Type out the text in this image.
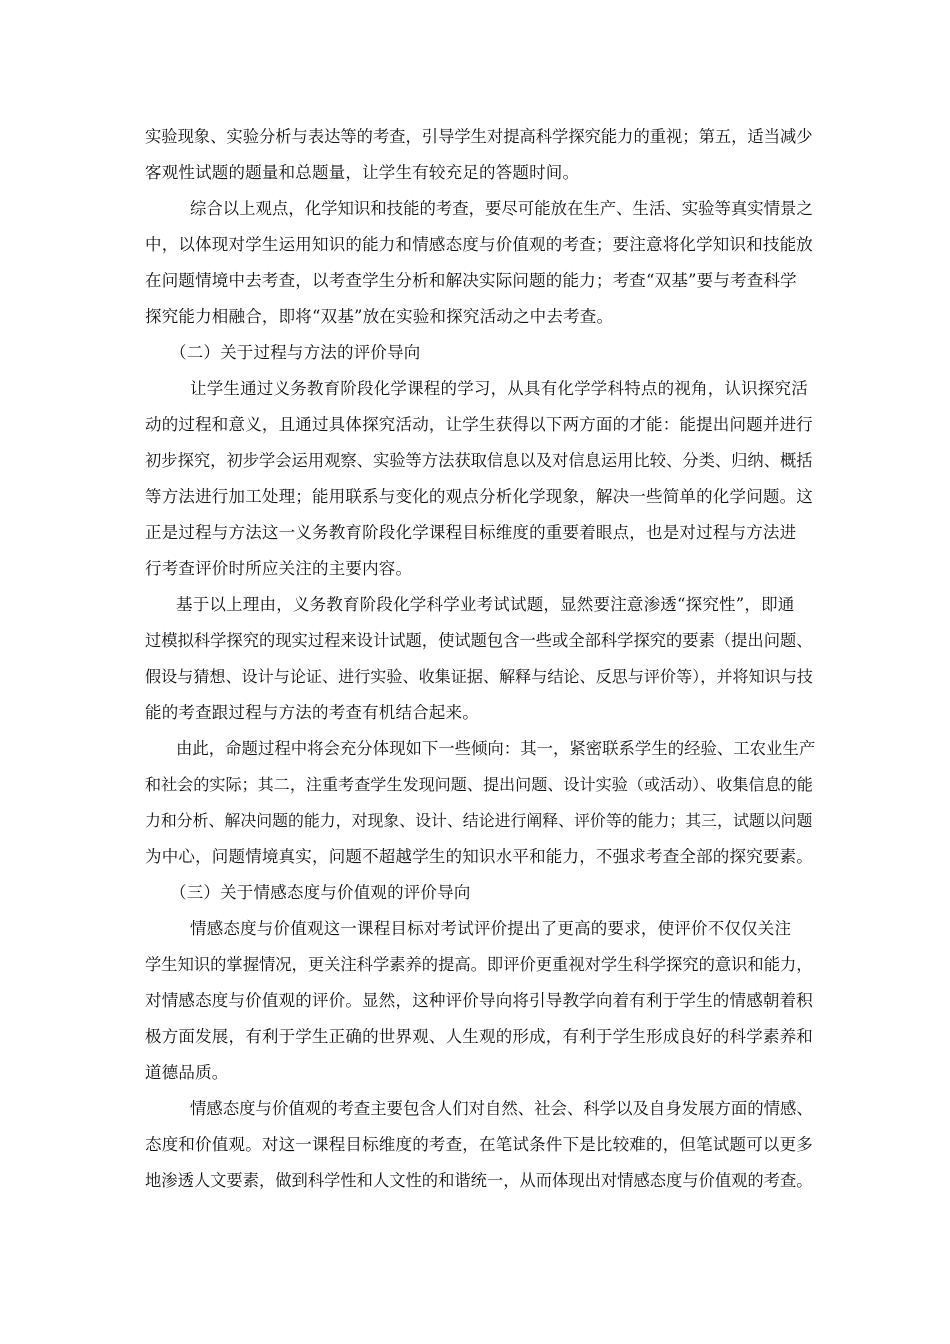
实验现象、实验分析与表达等的考查，引导学生对提高科学探究能力的重视；第五，适当减少
客观性试题的题量和总题量，让学生有较充足的答题时间。
综合以上观点，化学知识和技能的考查，要尽可能放在生产、生活、实验等真实情景之
中，以体现对学生运用知识的能力和情感态度与价值观的考查；要注意将化学知识和技能放
在问题情境中去考查，以考查学生分析和解决实际问题的能力；考查“双基”要与考查科学
探究能力相融合，即将“双基”放在实验和探究活动之中去考查。
（二）关于过程与方法的评价导向
让学生通过义务教育阶段化学课程的学习，从具有化学学科特点的视角，认识探究活
动的过程和意义，且通过具体探究活动，让学生获得以下两方面的才能：能提出问题并进行
初步探究，初步学会运用观察、实验等方法获取信息以及对信息运用比较、分类、归纳、概括
等方法进行加工处理；能用联系与变化的观点分析化学现象，解决一些简单的化学问题。这
正是过程与方法这一义务教育阶段化学课程目标维度的重要着眼点，也是对过程与方法进
行考查评价时所应关注的主要内容。
基于以上理由，义务教育阶段化学科学业考试试题，显然要注意渗透“探究性”，即通
过模拟科学探究的现实过程来设计试题，使试题包含一些或全部科学探究的要素（提出问题、
假设与猜想、设计与论证、进行实验、收集证据、解释与结论、反思与评价等），并将知识与技
能的考查跟过程与方法的考查有机结合起来。
由此，命题过程中将会充分体现如下一些倾向：其一，紧密联系学生的经验、工农业生产
和社会的实际；其二，注重考查学生发现问题、提出问题、设计实验（或活动）、收集信息的能
力和分析、解决问题的能力，对现象、设计、结论进行阐释、评价等的能力；其三，试题以问题
为中心，问题情境真实，问题不超越学生的知识水平和能力，不强求考查全部的探究要素。
（三）关于情感态度与价值观的评价导向
情感态度与价值观这一课程目标对考试评价提出了更高的要求，使评价不仅仅关注
学生知识的掌握情况，更关注科学素养的提高。即评价更重视对学生科学探究的意识和能力，
对情感态度与价值观的评价。显然，这种评价导向将引导教学向着有利于学生的情感朝着积
极方面发展，有利于学生正确的世界观、人生观的形成，有利于学生形成良好的科学素养和
道德品质。
情感态度与价值观的考查主要包含人们对自然、社会、科学以及自身发展方面的情感、
态度和价值观。对这一课程目标维度的考查，在笔试条件下是比较难的，但笔试题可以更多
地渗透人文要素，做到科学性和人文性的和谐统一，从而体现出对情感态度与价值观的考查。
